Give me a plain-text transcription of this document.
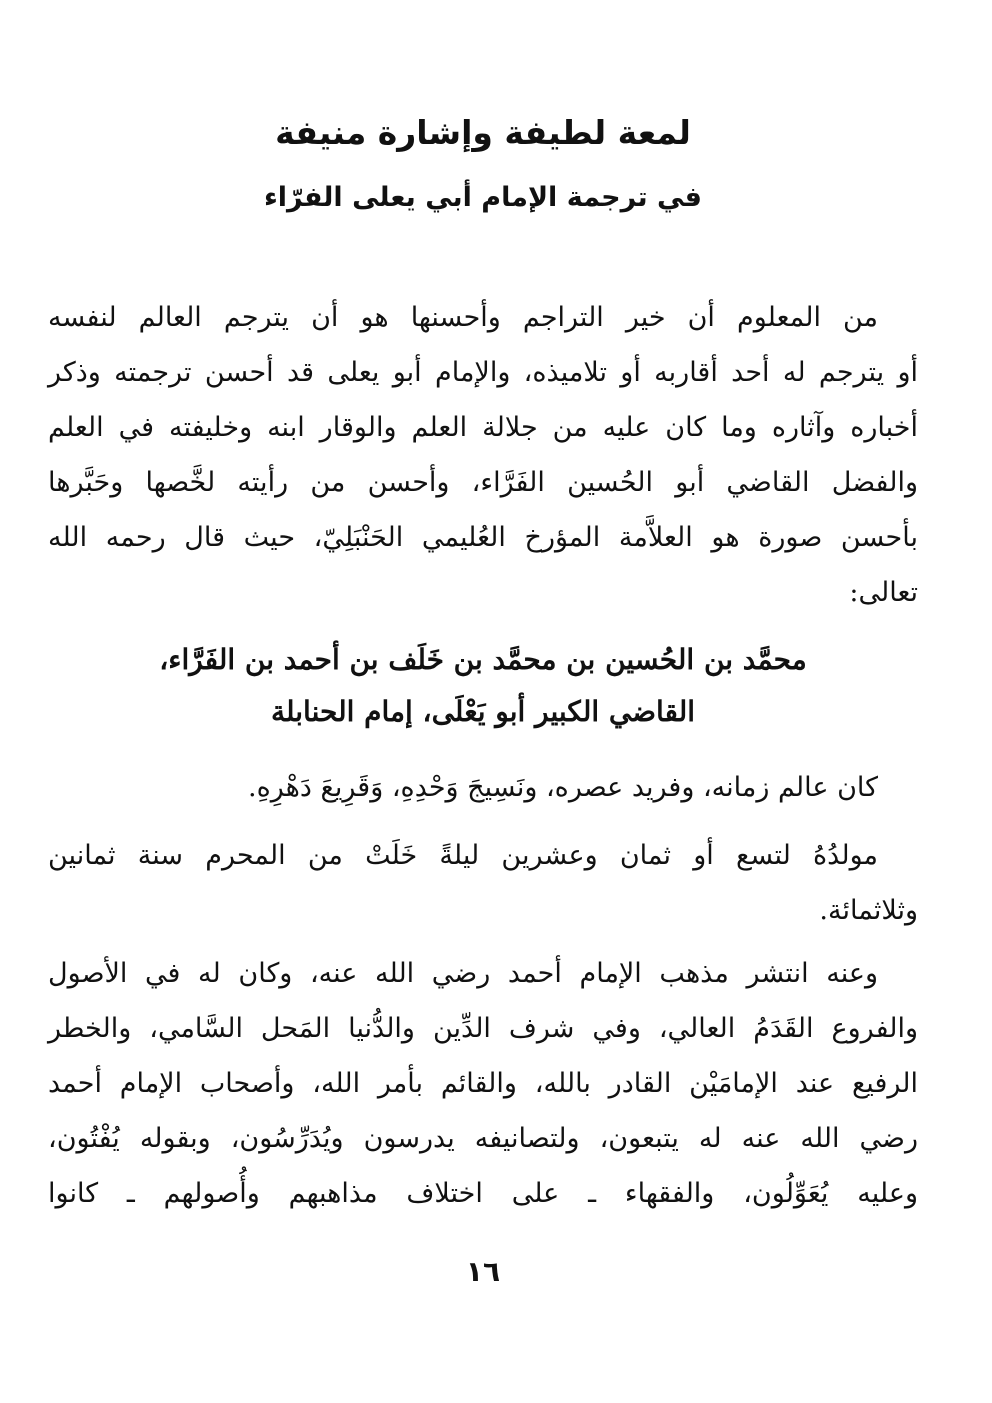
لمعة لطيفة وإشارة منيفة
في ترجمة الإمام أبي يعلى الفرّاء

من المعلوم أن خير التراجم وأحسنها هو أن يترجم العالم لنفسه
أو يترجم له أحد أقاربه أو تلاميذه، والإمام أبو يعلى قد أحسن ترجمته وذكر
أخباره وآثاره وما كان عليه من جلالة العلم والوقار ابنه وخليفته في العلم
والفضل القاضي أبو الحُسين الفَرَّاء، وأحسن من رأيته لخَّصها وحَبَّرها
بأحسن صورة هو العلاَّمة المؤرخ العُليمي الحَنْبَلِيّ، حيث قال رحمه الله
تعالى:

محمَّد بن الحُسين بن محمَّد بن خَلَف بن أحمد بن الفَرَّاء،
القاضي الكبير أبو يَعْلَى، إمام الحنابلة

كان عالم زمانه، وفريد عصره، ونَسِيجَ وَحْدِهِ، وَقَرِيعَ دَهْرِهِ.

مولدُهُ لتسع أو ثمان وعشرين ليلةً خَلَتْ من المحرم سنة ثمانين
وثلاثمائة.

وعنه انتشر مذهب الإمام أحمد رضي الله عنه، وكان له في الأصول
والفروع القَدَمُ العالي، وفي شرف الدِّين والدُّنيا المَحل السَّامي، والخطر
الرفيع عند الإمامَيْن القادر بالله، والقائم بأمر الله، وأصحاب الإمام أحمد
رضي الله عنه له يتبعون، ولتصانيفه يدرسون ويُدَرِّسُون، وبقوله يُفْتُون،
وعليه يُعَوِّلُون، والفقهاء ـ على اختلاف مذاهبهم وأُصولهم ـ كانوا

١٦
